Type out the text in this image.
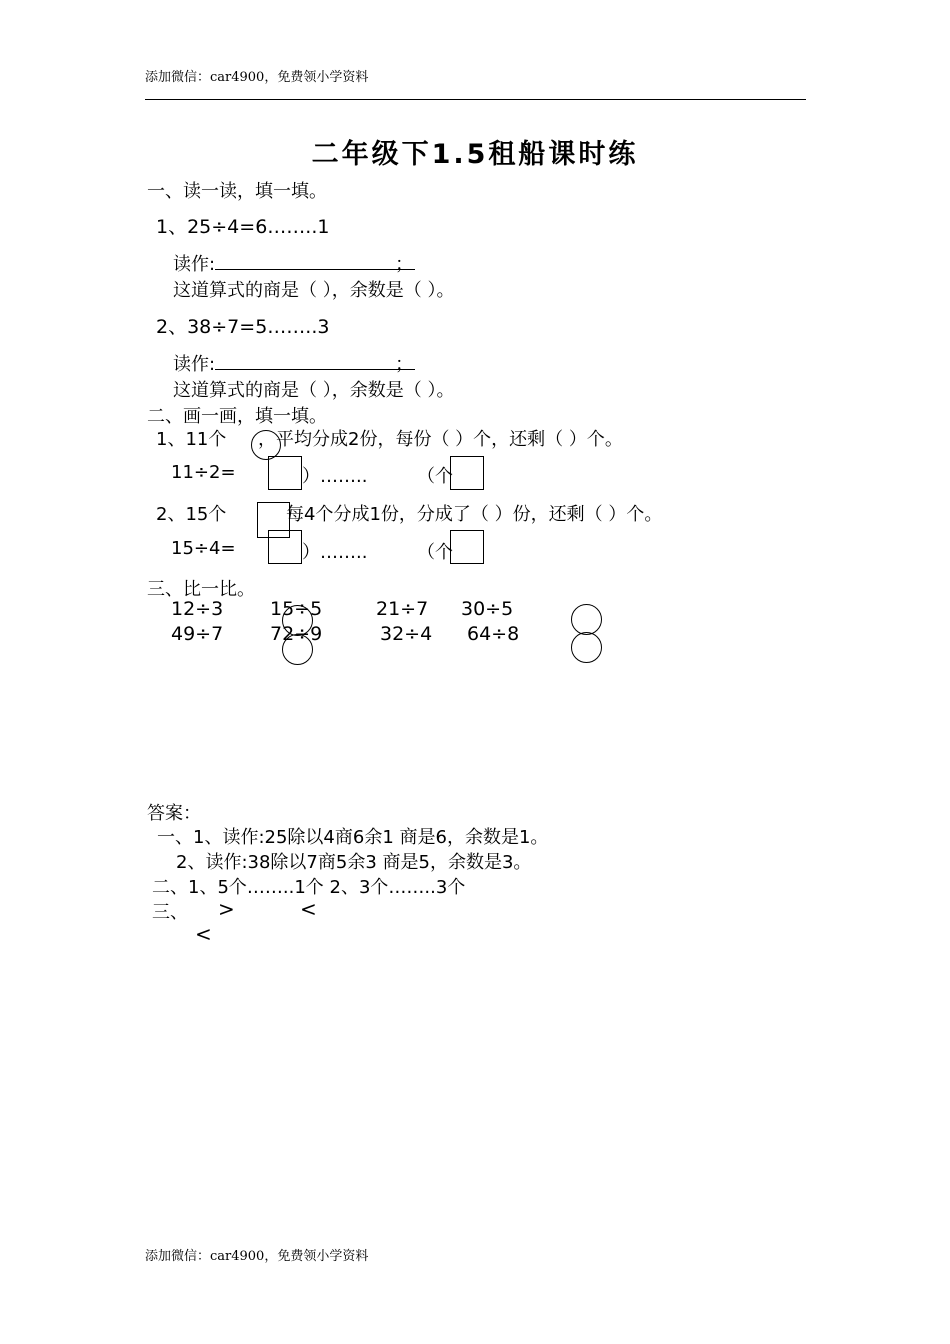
添加微信：car4900，免费领小学资料
二年级下1.5租船课时练
一、读一读，填一填。
1、25÷4=6……..1
读作:	；
这道算式的商是（ ），余数是（ ）。
2、38÷7=5……..3
读作:	；
这道算式的商是（ ），余数是（ ）。
二、画一画，填一填。
1、11个 ，平均分成2份，每份（ ）个，还剩（ ）个。
11÷2=	）……..	（个
2、15个	每4个分成1份，分成了（ ）份，还剩（ ）个。
15÷4=	）……..	（个
三、比一比。
12÷3 15÷5	21÷7 30÷5
49÷7 72÷9	32÷4 64÷8
答案：
一、1、读作:25除以4商6余1 商是6，余数是1。
2、读作:38除以7商5余3 商是5，余数是3。
二、1、5个……..1个 2、3个……..3个
三、 >	<
<
添加微信：car4900，免费领小学资料
